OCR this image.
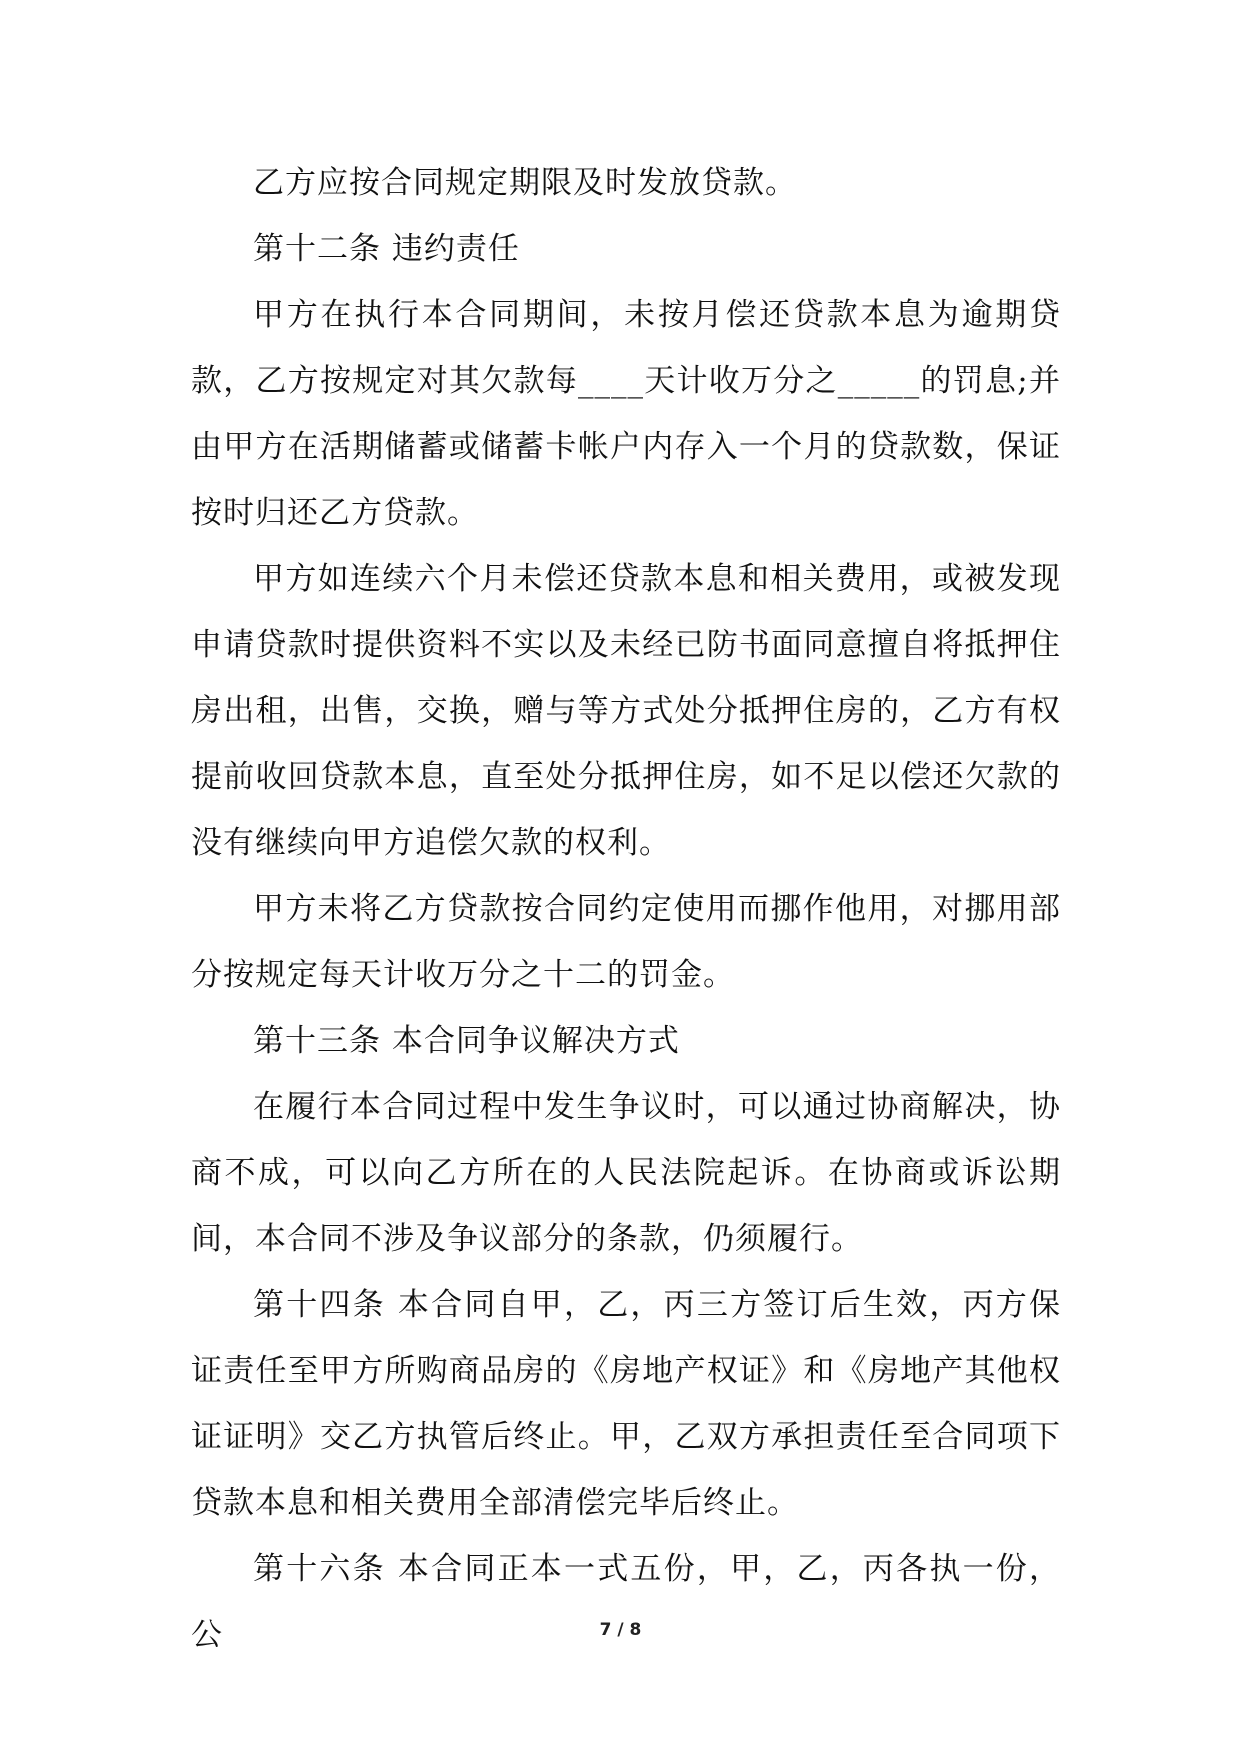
乙方应按合同规定期限及时发放贷款。

第十二条 违约责任

甲方在执行本合同期间，未按月偿还贷款本息为逾期贷款，乙方按规定对其欠款每____天计收万分之_____的罚息;并由甲方在活期储蓄或储蓄卡帐户内存入一个月的贷款数，保证按时归还乙方贷款。

甲方如连续六个月未偿还贷款本息和相关费用，或被发现申请贷款时提供资料不实以及未经已防书面同意擅自将抵押住房出租，出售，交换，赠与等方式处分抵押住房的，乙方有权提前收回贷款本息，直至处分抵押住房，如不足以偿还欠款的没有继续向甲方追偿欠款的权利。

甲方未将乙方贷款按合同约定使用而挪作他用，对挪用部分按规定每天计收万分之十二的罚金。

第十三条 本合同争议解决方式

在履行本合同过程中发生争议时，可以通过协商解决，协商不成，可以向乙方所在的人民法院起诉。在协商或诉讼期间，本合同不涉及争议部分的条款，仍须履行。

第十四条 本合同自甲，乙，丙三方签订后生效，丙方保证责任至甲方所购商品房的《房地产权证》和《房地产其他权证证明》交乙方执管后终止。甲，乙双方承担责任至合同项下贷款本息和相关费用全部清偿完毕后终止。

第十六条 本合同正本一式五份，甲，乙，丙各执一份，公	7 / 8
